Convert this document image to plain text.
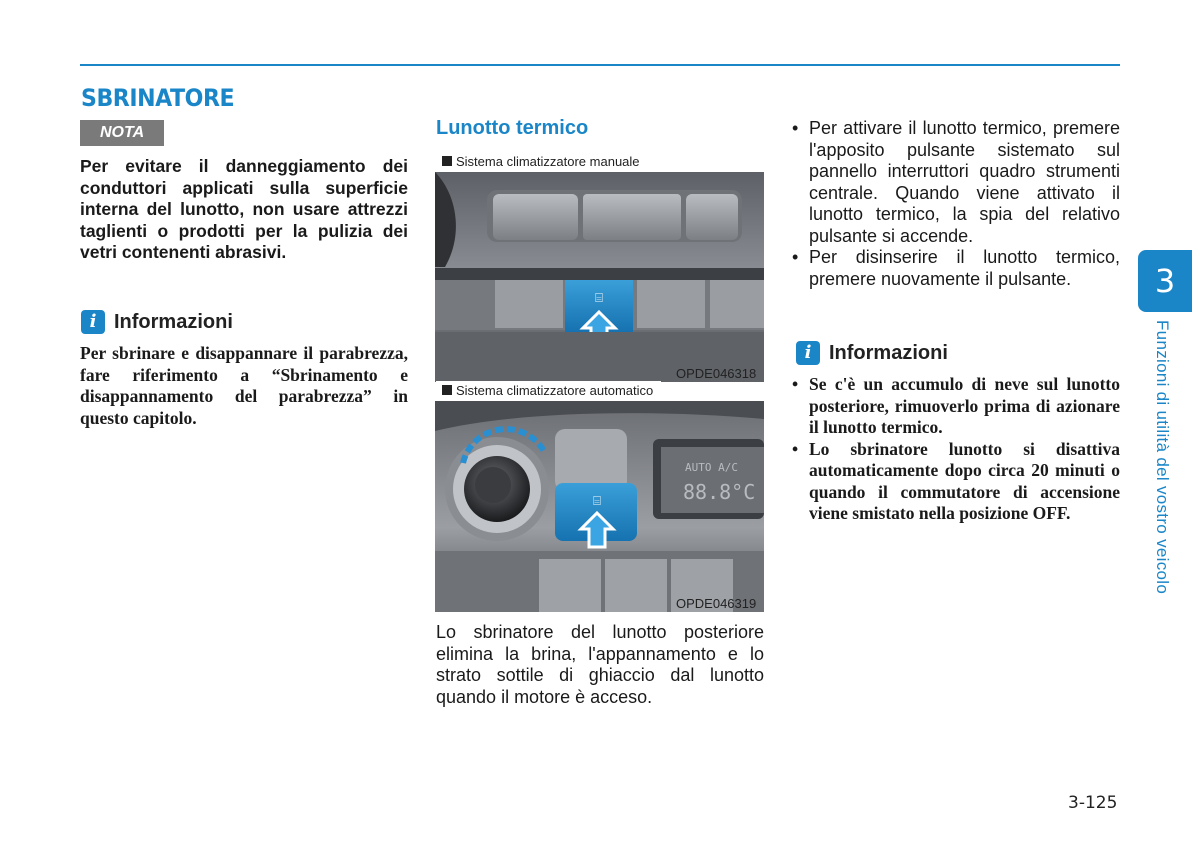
SBRINATORE
NOTA
Per evitare il danneggiamento dei conduttori applicati sulla superficie interna del lunotto, non usare attrezzi taglienti o prodotti per la pulizia dei vetri contenenti abrasivi.
i Informazioni
Per sbrinare e disappannare il parabrezza, fare riferimento a “Sbrinamento e disappannamento del parabrezza” in questo capitolo.
Lunotto termico
⌸
Sistema climatizzatore manuale
OPDE046318
⌸
AUTO A/C
88.8°C
Sistema climatizzatore automatico
OPDE046319
Lo sbrinatore del lunotto posteriore elimina la brina, l'appannamento e lo strato sottile di ghiaccio dal lunotto quando il motore è acceso.
• Per attivare il lunotto termico, premere l'apposito pulsante sistemato sul pannello interruttori quadro strumenti centrale. Quando viene attivato il lunotto termico, la spia del relativo pulsante si accende.
• Per disinserire il lunotto termico, premere nuovamente il pulsante.
i Informazioni
• Se c'è un accumulo di neve sul lunotto posteriore, rimuoverlo prima di azionare il lunotto termico.
• Lo sbrinatore lunotto si disattiva automaticamente dopo circa 20 minuti o quando il commutatore di accensione viene smistato nella posizione OFF.
3
Funzioni di utilità del vostro veicolo
3-125
